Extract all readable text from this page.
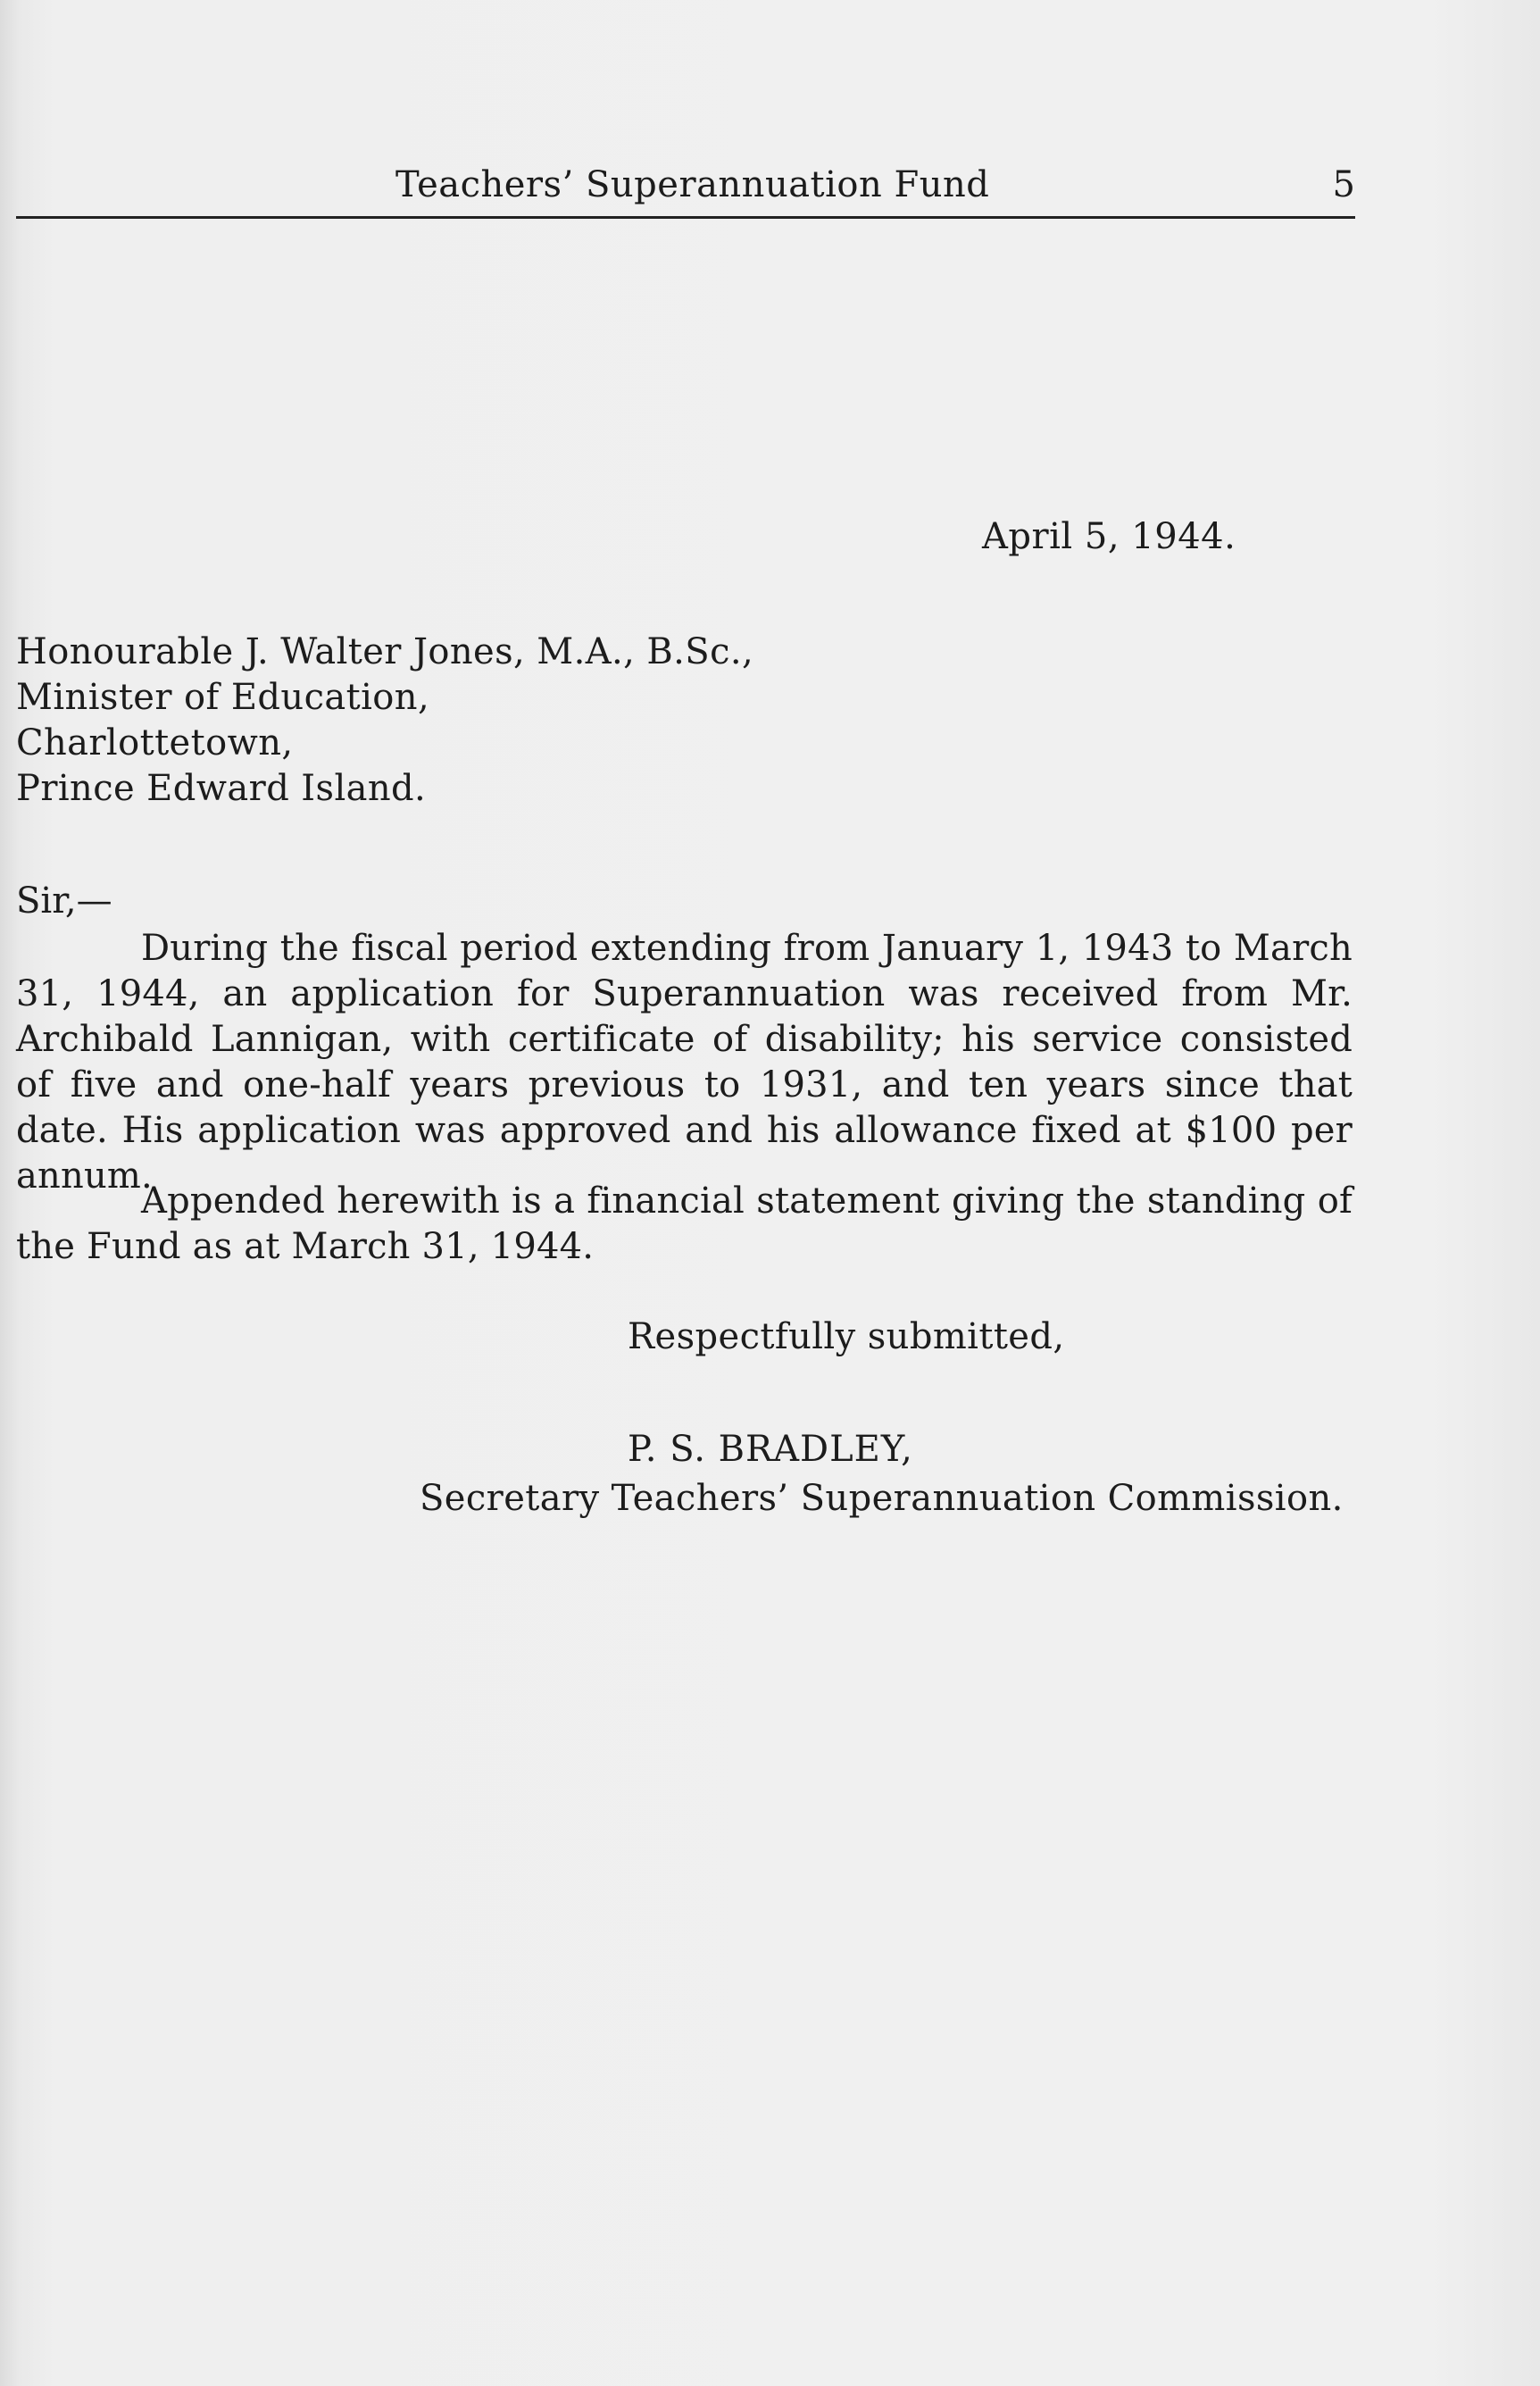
Teachers’ Superannuation Fund	5
April 5, 1944.
Honourable J. Walter Jones, M.A., B.Sc.,
Minister of Education,
Charlottetown,
Prince Edward Island.
Sir,—

During the fiscal period extending from January 1, 1943 to March 31, 1944, an application for Superannuation was received from Mr. Archibald Lannigan, with certificate of disability; his service consisted of five and one-half years previous to 1931, and ten years since that date. His application was approved and his allowance fixed at $100 per annum.

Appended herewith is a financial statement giving the standing of the Fund as at March 31, 1944.

Respectfully submitted,
P. S. BRADLEY,
Secretary Teachers’ Superannuation Commission.
